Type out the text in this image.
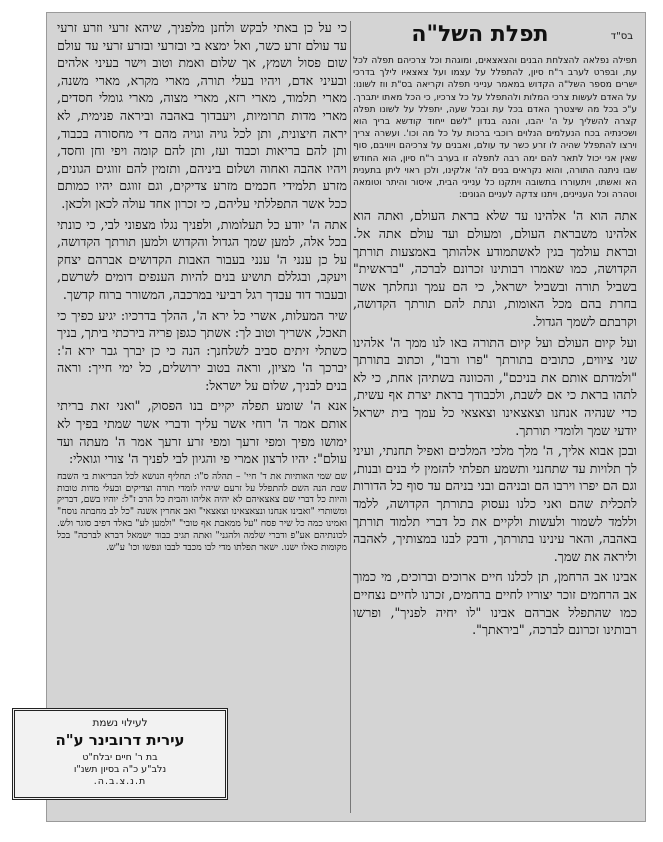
תפלת השל"ה	בס"ד

תפילה נפלאה להצלחת הבנים והצאצאים, ומוגהת וכל צרכיהם תפלה לכל עת, ובפרט לערב ר"ח סיון, להתפלל על עצמו ועל צאצאיו לילך בדרכי ישרים מספר השל"ה הקדוש במאמר ענייני תפלה וקריאה בס"ת ווז לשונו: על האדם לעשות צרכי המלות ולהתפלל על כל צרכיו, כי הכל מאתו יתברך. ע"כ בכל מה שיצטרך האדם בכל עת ובכל שעה, יתפלל על לשונו תפלה קצרה להשליך על ה' יהבו, והנה בנדון "לשם ייחוד קודשא בריך הוא ושכינתיה בכח הנעלמים הנלוים רוכבי ברכות על כל מה וכו'. ועשרה צריך וירצו להתפלל שהיה לו זרע כשר עד עולם, ואבנים על צרכיהם ויוויבם, סוף שאין אני יכול לתאר להם ימה רבה לתפלה זו בערב ר"ח סיון, הוא החודש שבו ניתנה התורה, והוא נקראים בנים לה' אלקינו, ולכן ראוי ליתן בתענית הא ואשתו, ויתעוררו בתשובה ויתקנו כל ענייני הבית, איסור והיתר וטומאה וטהרה וכל העניינים, ויתנו צדקה לעניים הגונים:

אתה הוא ה' אלהינו עד שלא בראת העולם, ואתה הוא אלהינו משבראת העולם, ומעולם ועד עולם אתה אל. ובראת עולמך בגין לאשתמודע אלהותך באמצעות תורתך הקדושה, כמו שאמרו רבותינו זכרונם לברכה, "בראשית" בשביל תורה ובשביל ישראל, כי הם עמך ונחלתך אשר בחרת בהם מכל האומות, ונתת להם תורתך הקדושה, וקרבתם לשמך הגדול.

ועל קיום העולם ועל קיום התורה באו לנו ממך ה' אלהינו שני ציווים, כתובים בתורתך "פרו ורבו", וכתוב בתורתך "ולמדתם אותם את בניכם", והכוונה בשתיהן אחת, כי לא לתהו בראת כי אם לשבת, ולכבודך בראת יצרת אף עשית, כדי שנהיה אנחנו וצאצאינו וצאצאי כל עמך בית ישראל יודעי שמך ולומדי תורתך.

ובכן אבוא אליך, ה' מלך מלכי המלכים ואפיל תחנתי, ועיני לך תלויות עד שתחנני ותשמע תפלתי להזמין לי בנים ובנות, וגם הם יפרו וירבו הם ובניהם ובני בניהם עד סוף כל הדורות לתכלית שהם ואני כלנו נעסוק בתורתך הקדושה, ללמד וללמד לשמור ולעשות ולקיים את כל דברי תלמוד תורתך באהבה, והאר עינינו בתורתך, ודבק לבנו במצותיך, לאהבה וליראה את שמך.

אבינו אב הרחמן, תן לכלנו חיים ארוכים וברוכים, מי כמוך אב הרחמים זוכר יצוריו לחיים ברחמים, זכרנו לחיים נצחיים כמו שהתפלל אברהם אבינו "לו יחיה לפניך", ופרשו רבותינו זכרונם לברכה, "ביראתך".

כי על כן באתי לבקש ולחנן מלפניך, שיהא זרעי וזרע זרעי עד עולם זרע כשר, ואל ימצא בי ובזרעי ובזרע זרעי עד עולם שום פסול ושמץ, אך שלום ואמת וטוב וישר בעיני אלהים ובעיני אדם, ויהיו בעלי תורה, מארי מקרא, מארי משנה, מארי תלמוד, מארי רזא, מארי מצוה, מארי גומלי חסדים, מארי מדות תרומיות, ויעבדוך באהבה וביראה פנימית, לא יראה חיצונית, ותן לכל גויה וגויה מהם די מחסורה בכבוד, ותן להם בריאות וכבוד ועז, ותן להם קומה ויפי וחן וחסד, ויהיו אהבה ואחוה ושלום ביניהם, ותזמין להם זווגים הגונים, מזרע תלמידי חכמים מזרע צדיקים, וגם זווגם יהיו כמותם ככל אשר התפללתי עליהם, כי זכרון אחד עולה לכאן ולכאן.

אתה ה' יודע כל תעלומות, ולפניך נגלו מצפוני לבי, כי כונתי בכל אלה, למען שמך הגדול והקדוש ולמען תורתך הקדושה, על כן ענני ה' ענני בעבור האבות הקדושים אברהם יצחק ויעקב, ובגללם תושיע בנים להיות הענפים דומים לשרשם, ובעבור דוד עבדך רגל רביעי במרכבה, המשורר ברוח קדשך.

שיר המעלות, אשרי כל ירא ה', ההלך בדרכיו: יגיע כפיך כי תאכל, אשריך וטוב לך: אשתך כגפן פריה בירכתי ביתך, בניך כשתלי זיתים סביב לשלחנך: הנה כי כן יברך גבר ירא ה': יברכך ה' מציון, וראה בטוב ירושלים, כל ימי חייך: וראה בנים לבניך, שלום על ישראל:

אנא ה' שומע תפלה יקיים בנו הפסוק, "ואני זאת בריתי אותם אמר ה' רוחי אשר עליך ודברי אשר שמתי בפיך לא ימושו מפיך ומפי זרעך ומפי זרע זרעך אמר ה' מעתה ועד עולם": יהיו לרצון אמרי פי והגיון לבי לפניך ה' צורי וגואלי:

שם שמי האותיות את ד' חיי' – תהלה ס"ו: תחליף הנושא לכל הבריאות בי השבח שבת הנה השם להתפלל על זרעם שיהיו לומדי תורה וצדיקים ובעלי מדות טובות והיות כל דברי שם צאצאיהם לא יהיה אליהו והבית כל הרב ז"ל: יוהיו בשם, דבריק ומשותרי "ואבינו אנחנו ונצאצאינו וצאצאי" ואב אחרין אשנה "כל לב מחבתה נוסח" ואמינו כמה כל שיר פסח "על ממאבת אף טובי" "ולמען לע" באלד דפיב סוגר ולש. לכונתיהם אע"פ ודברי שלמה ולהגני" ואתה תגיב כבוד ישמאל דברא לברכה" בכל מקומות כאלו ישנו. ישאר תפלתו מדי לבו מכבד לבבו ונפשו וכו' ע"ש.

לעילוי נשמת
עירית דרובינר ע"ה
בת ר' חיים יבלח"ט
נלב"ע כ"ה בסיון תשנ"ו
ת.נ.צ.ב.ה.
